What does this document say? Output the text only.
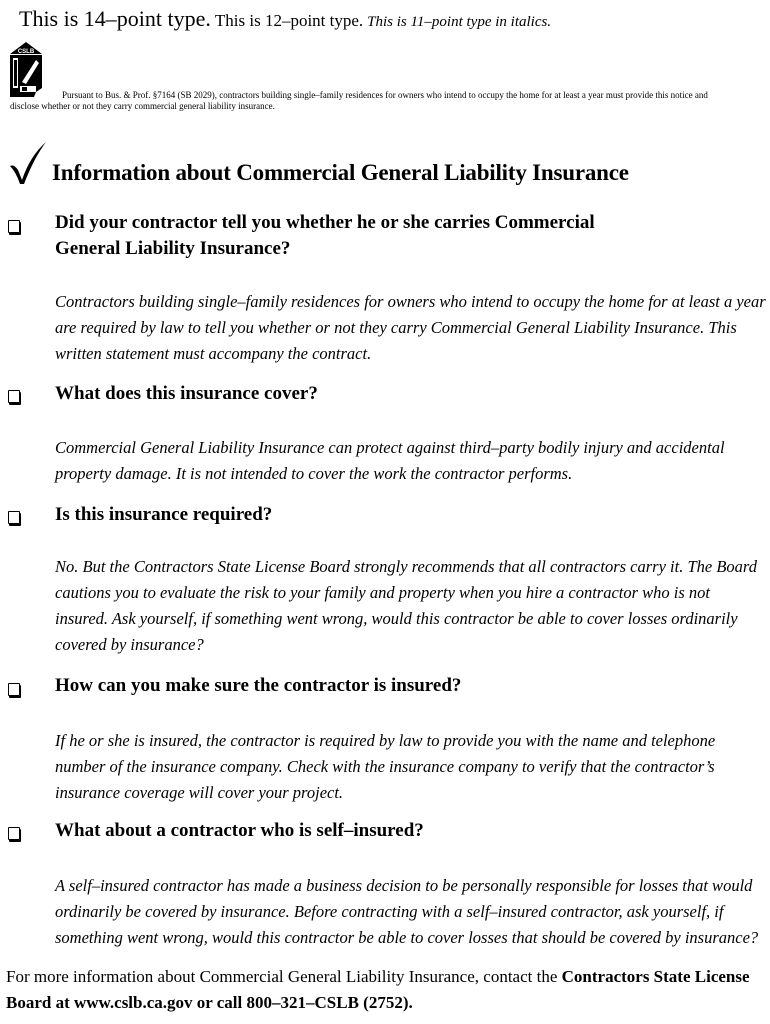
This is 14–point type. This is 12–point type. This is 11–point type in italics.
CSLB
Pursuant to Bus. & Prof. §7164 (SB 2029), contractors building single–family residences for owners who intend to occupy the home for at least a year must provide this notice and disclose whether or not they carry commercial general liability insurance.
Information about Commercial General Liability Insurance
Did your contractor tell you whether he or she carries Commercial General Liability Insurance?
Contractors building single–family residences for owners who intend to occupy the home for at least a year are required by law to tell you whether or not they carry Commercial General Liability Insurance. This written statement must accompany the contract.
What does this insurance cover?
Commercial General Liability Insurance can protect against third–party bodily injury and accidental property damage. It is not intended to cover the work the contractor performs.
Is this insurance required?
No. But the Contractors State License Board strongly recommends that all contractors carry it. The Board cautions you to evaluate the risk to your family and property when you hire a contractor who is not insured. Ask yourself, if something went wrong, would this contractor be able to cover losses ordinarily covered by insurance?
How can you make sure the contractor is insured?
If he or she is insured, the contractor is required by law to provide you with the name and telephone number of the insurance company. Check with the insurance company to verify that the contractor’s insurance coverage will cover your project.
What about a contractor who is self–insured?
A self–insured contractor has made a business decision to be personally responsible for losses that would ordinarily be covered by insurance. Before contracting with a self–insured contractor, ask yourself, if something went wrong, would this contractor be able to cover losses that should be covered by insurance?
For more information about Commercial General Liability Insurance, contact the Contractors State License Board at www.cslb.ca.gov or call 800–321–CSLB (2752).
